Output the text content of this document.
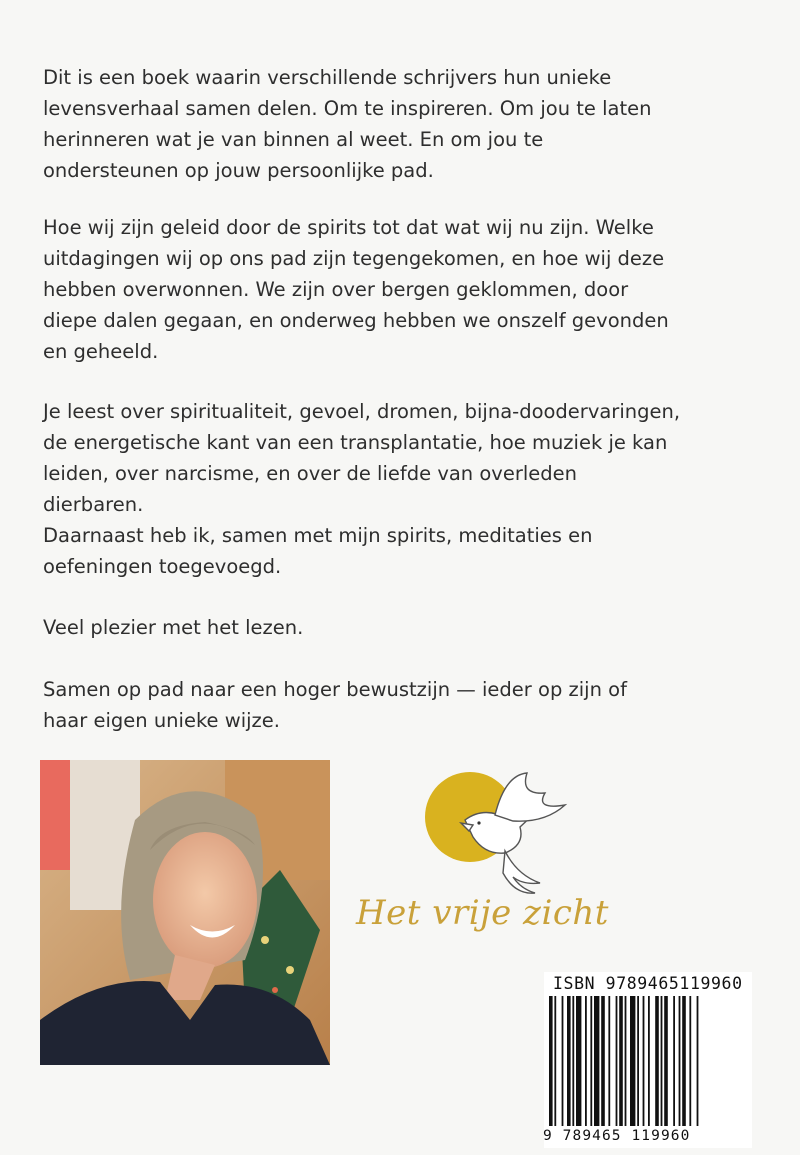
Dit is een boek waarin verschillende schrijvers hun unieke
levensverhaal samen delen. Om te inspireren. Om jou te laten
herinneren wat je van binnen al weet. En om jou te
ondersteunen op jouw persoonlijke pad.
Hoe wij zijn geleid door de spirits tot dat wat wij nu zijn. Welke
uitdagingen wij op ons pad zijn tegengekomen, en hoe wij deze
hebben overwonnen. We zijn over bergen geklommen, door
diepe dalen gegaan, en onderweg hebben we onszelf gevonden
en geheeld.
Je leest over spiritualiteit, gevoel, dromen, bijna-doodervaringen,
de energetische kant van een transplantatie, hoe muziek je kan
leiden, over narcisme, en over de liefde van overleden
dierbaren.
Daarnaast heb ik, samen met mijn spirits, meditaties en
oefeningen toegevoegd.
Veel plezier met het lezen.
Samen op pad naar een hoger bewustzijn — ieder op zijn of
haar eigen unieke wijze.
Het vrije zicht
ISBN 9789465119960
9 789465 119960
